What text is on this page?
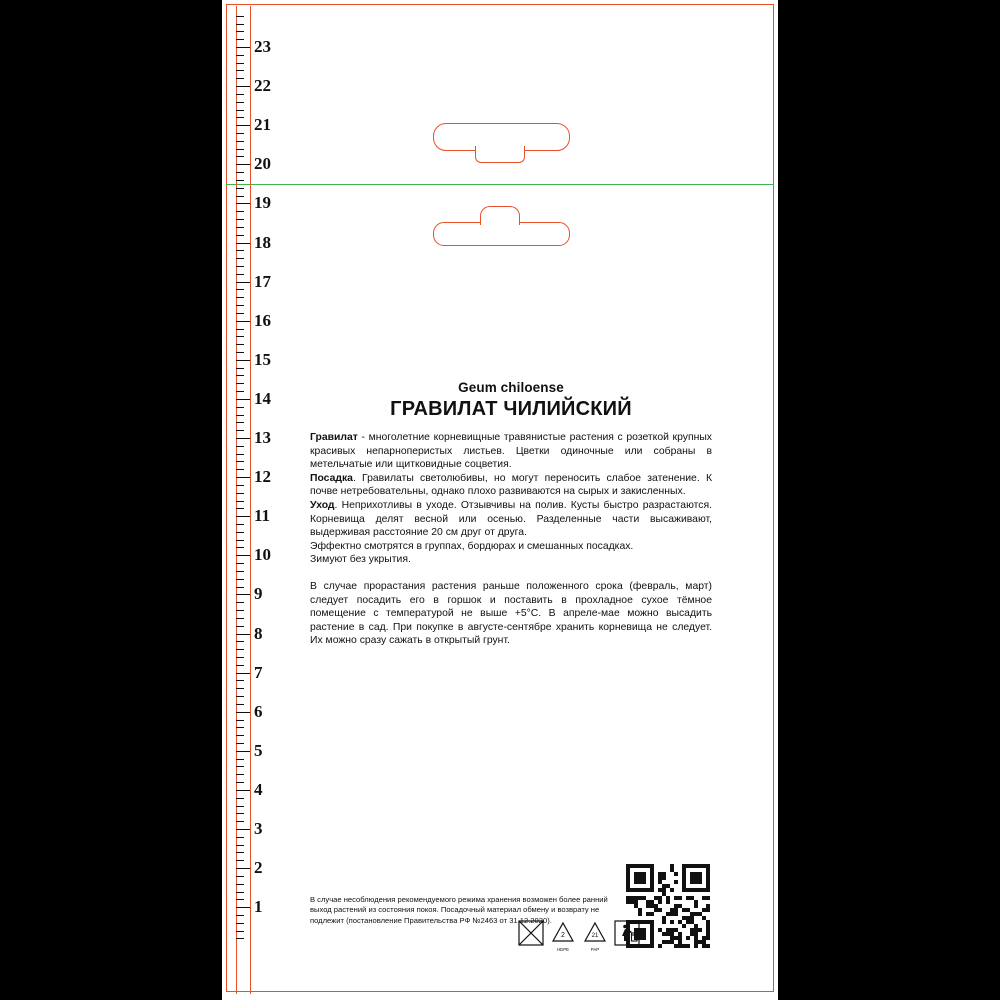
23
22
21
20
19
18
17
16
15
14
13
12
11
10
9
8
7
6
5
4
3
2
1
Geum chiloense
ГРАВИЛАТ ЧИЛИЙСКИЙ

Гравилат - многолетние корневищные травянистые растения с розеткой крупных красивых непарноперистых листьев. Цветки одиночные или собраны в метельчатые или щитковидные соцветия.

Посадка. Гравилаты светолюбивы, но могут переносить слабое затенение. К почве нетребовательны, однако плохо развиваются на сырых и закисленных.

Уход. Неприхотливы в уходе. Отзывчивы на полив. Кусты быстро разрастаются. Корневища делят весной или осенью. Разделенные части высаживают, выдерживая расстояние 20 см друг от друга.

Эффектно смотрятся в группах, бордюрах и смешанных посадках.

Зимуют без укрытия.

В случае прорастания растения раньше положенного срока (февраль, март) следует посадить его в горшок и поставить в прохладное сухое тёмное помещение с температурой не выше +5°С. В апреле-мае можно высадить растение в сад. При покупке в августе-сентябре хранить корневища не следует. Их можно сразу сажать в открытый грунт.

В случае несоблюдения рекомендуемого режима хранения возможен более ранний выход растений из состояния покоя. Посадочный материал обмену и возврату не подлежит (постановление Правительства РФ №2463 от 31.12.2020).
2
HDPE
21
PAP
